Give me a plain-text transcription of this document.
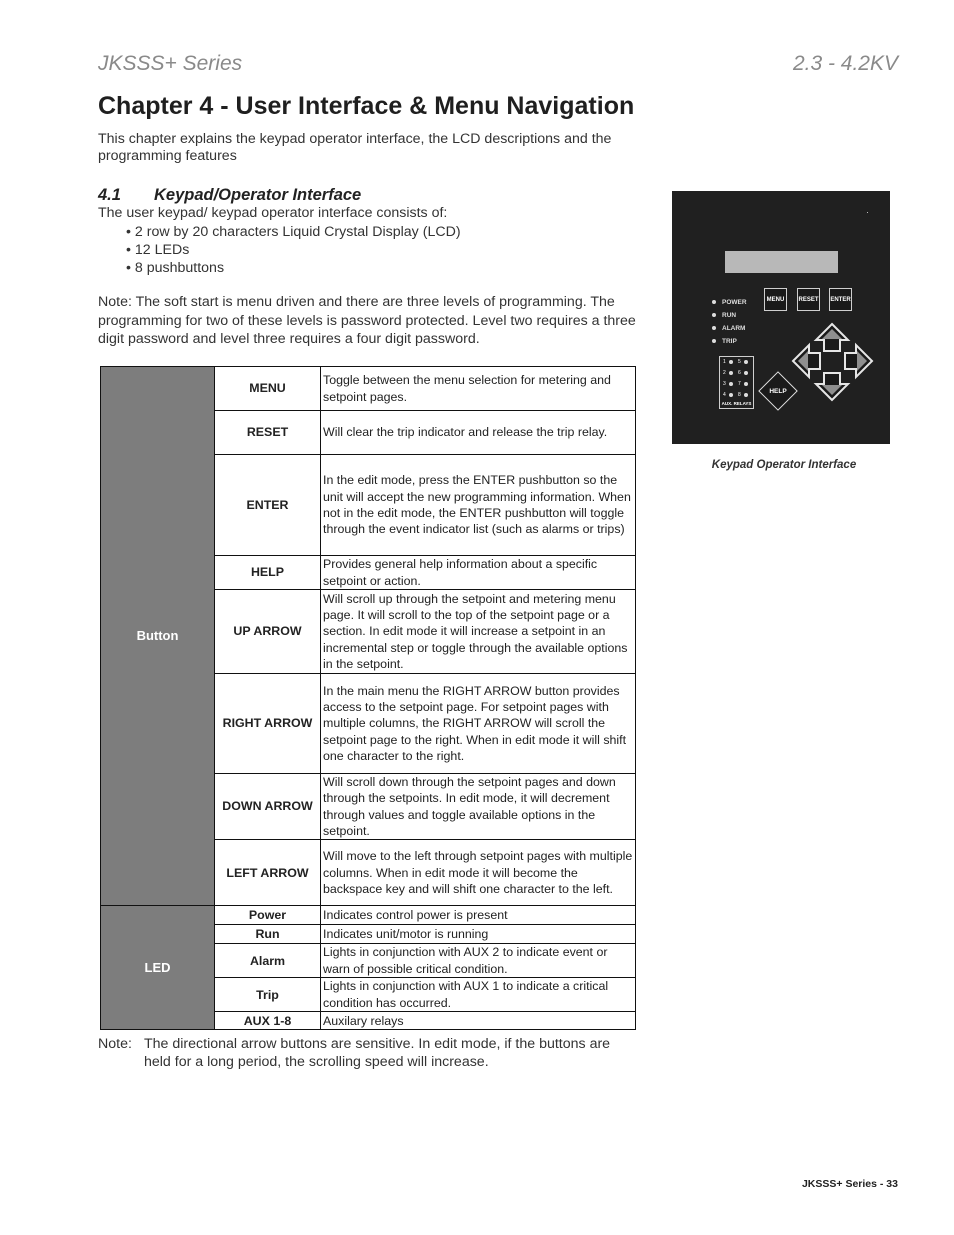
JKSSS+ Series	2.3 - 4.2KV
Chapter 4 - User Interface & Menu Navigation

This chapter explains the keypad operator interface, the LCD descriptions and the programming features

4.1 Keypad/Operator Interface
The user keypad/ keypad operator interface consists of:
• 2 row by 20 characters Liquid Crystal Display (LCD)
• 12 LEDs
• 8 pushbuttons

Note: The soft start is menu driven and there are three levels of programming. The programming for two of these levels is password protected. Level two requires a three digit password and level three requires a four digit password.

POWER
RUN
ALARM
TRIP
MENU	RESET ENTER
1 5
2 6
3 7
4 8
AUX. RELAYS
HELP
Keypad Operator Interface
Button	MENU	Toggle between the menu selection for metering and setpoint pages.
	RESET	Will clear the trip indicator and release the trip relay.
	ENTER	In the edit mode, press the ENTER pushbutton so the unit will accept the new programming information. When not in the edit mode, the ENTER pushbutton will toggle through the event indicator list (such as alarms or trips)
	HELP	Provides general help information about a specific setpoint or action.
	UP ARROW	Will scroll up through the setpoint and metering menu page. It will scroll to the top of the setpoint page or a section. In edit mode it will increase a setpoint in an incremental step or toggle through the available options in the setpoint.
	RIGHT ARROW	In the main menu the RIGHT ARROW button provides access to the setpoint page. For setpoint pages with multiple columns, the RIGHT ARROW will scroll the setpoint page to the right. When in edit mode it will shift one character to the right.
	DOWN ARROW	Will scroll down through the setpoint pages and down through the setpoints. In edit mode, it will decrement through values and toggle available options in the setpoint.
	LEFT ARROW	Will move to the left through setpoint pages with multiple columns. When in edit mode it will become the backspace key and will shift one character to the left.
LED	Power	Indicates control power is present
	Run	Indicates unit/motor is running
	Alarm	Lights in conjunction with AUX 2 to indicate event or warn of possible critical condition.
	Trip	Lights in conjunction with AUX 1 to indicate a critical condition has occurred.
	AUX 1-8	Auxilary relays
Note: The directional arrow buttons are sensitive. In edit mode, if the buttons are held for a long period, the scrolling speed will increase.
JKSSS+ Series - 33
